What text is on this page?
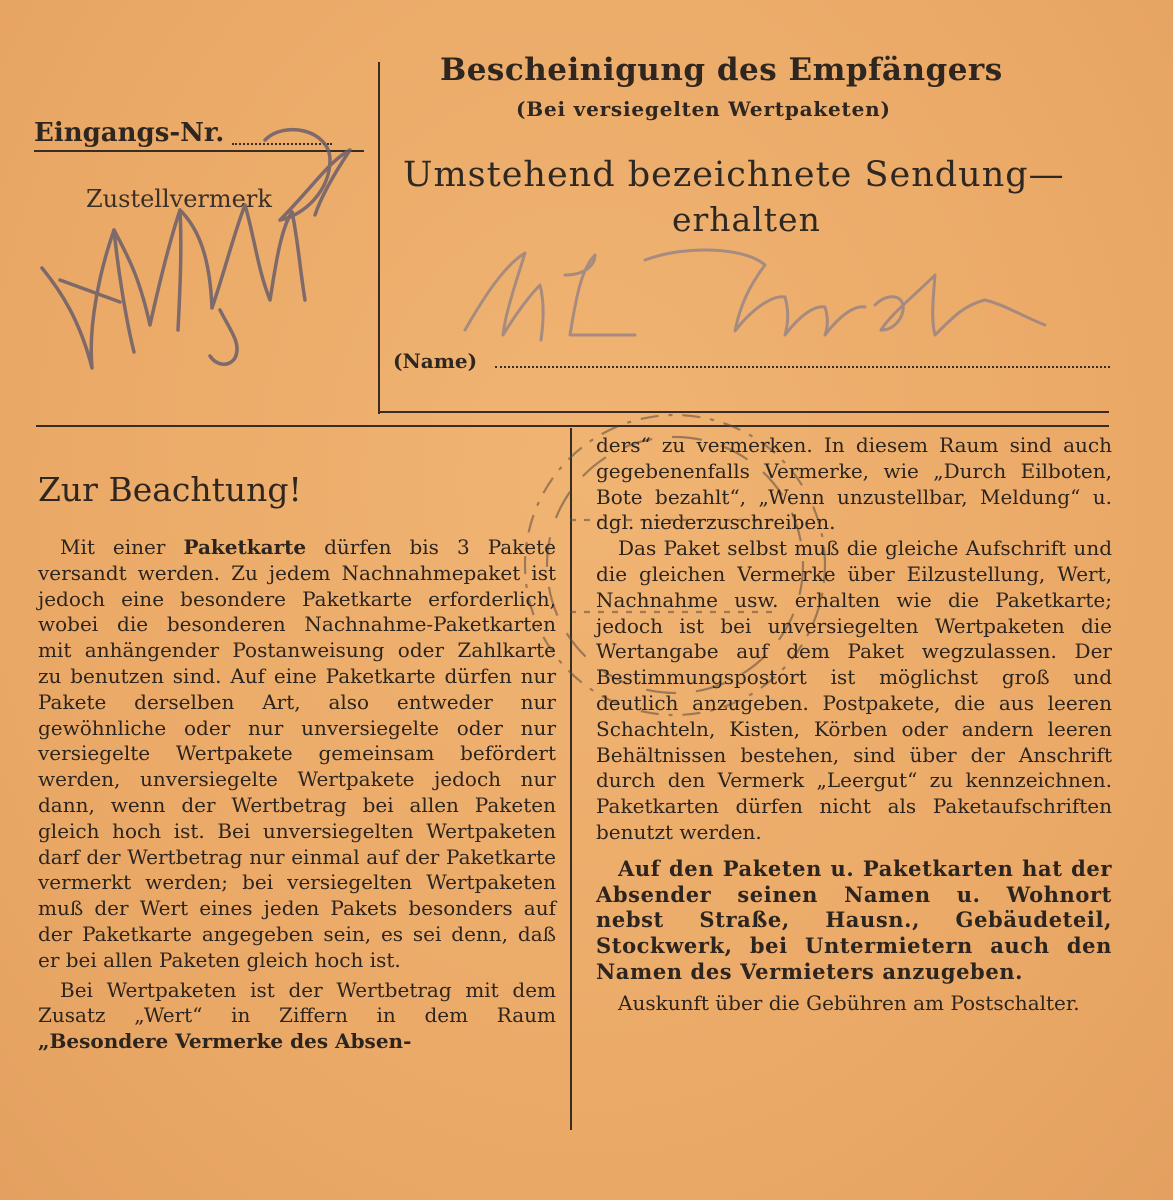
Bescheinigung des Empfängers
(Bei versiegelten Wertpaketen)
Umstehend bezeichnete Sendung—
erhalten
(Name)
Eingangs-Nr.
Zustellvermerk
Zur Beachtung!

Mit einer Paketkarte dürfen bis 3 Pakete versandt werden. Zu jedem Nachnahmepaket ist jedoch eine besondere Paketkarte erforderlich, wobei die besonderen Nachnahme-Paketkarten mit anhängender Postanweisung oder Zahlkarte zu benutzen sind. Auf eine Paketkarte dürfen nur Pakete derselben Art, also entweder nur gewöhnliche oder nur unversiegelte oder nur versiegelte Wertpakete gemeinsam befördert werden, unversiegelte Wertpakete jedoch nur dann, wenn der Wertbetrag bei allen Paketen gleich hoch ist. Bei unversiegelten Wertpaketen darf der Wertbetrag nur einmal auf der Paketkarte vermerkt werden; bei versiegelten Wertpaketen muß der Wert eines jeden Pakets besonders auf der Paketkarte angegeben sein, es sei denn, daß er bei allen Paketen gleich hoch ist.

Bei Wertpaketen ist der Wertbetrag mit dem Zusatz „Wert“ in Ziffern in dem Raum „Besondere Vermerke des Absen-

ders“ zu vermerken. In diesem Raum sind auch gegebenenfalls Vermerke, wie „Durch Eilboten, Bote bezahlt“, „Wenn unzustellbar, Meldung“ u. dgl. niederzuschreiben.

Das Paket selbst muß die gleiche Aufschrift und die gleichen Vermerke über Eilzustellung, Wert, Nachnahme usw. erhalten wie die Paketkarte; jedoch ist bei unversiegelten Wertpaketen die Wertangabe auf dem Paket wegzulassen. Der Bestimmungspostort ist möglichst groß und deutlich anzugeben. Postpakete, die aus leeren Schachteln, Kisten, Körben oder andern leeren Behältnissen bestehen, sind über der Anschrift durch den Vermerk „Leergut“ zu kennzeichnen. Paketkarten dürfen nicht als Paketaufschriften benutzt werden.

Auf den Paketen u. Paketkarten hat der Absender seinen Namen u. Wohnort nebst Straße, Hausn., Gebäudeteil, Stockwerk, bei Untermietern auch den Namen des Vermieters anzugeben.

Auskunft über die Gebühren am Postschalter.
